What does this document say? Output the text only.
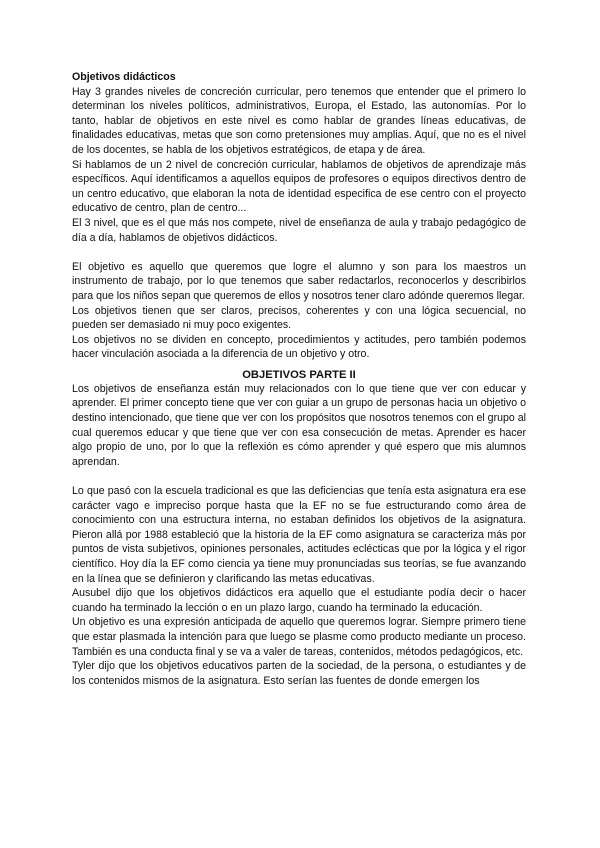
Objetivos didácticos

Hay 3 grandes niveles de concreción curricular, pero tenemos que entender que el primero lo determinan los niveles políticos, administrativos, Europa, el Estado, las autonomías. Por lo tanto, hablar de objetivos en este nivel es como hablar de grandes líneas educativas, de finalidades educativas, metas que son como pretensiones muy amplias. Aquí, que no es el nivel de los docentes, se habla de los objetivos estratégicos, de etapa y de área.

Si hablamos de un 2 nivel de concreción curricular, hablamos de objetivos de aprendizaje más específicos. Aquí identificamos a aquellos equipos de profesores o equipos directivos dentro de un centro educativo, que elaboran la nota de identidad especifica de ese centro con el proyecto educativo de centro, plan de centro...

El 3 nivel, que es el que más nos compete, nivel de enseñanza de aula y trabajo pedagógico de día a día, hablamos de objetivos didácticos.

El objetivo es aquello que queremos que logre el alumno y son para los maestros un instrumento de trabajo, por lo que tenemos que saber redactarlos, reconocerlos y describirlos para que los niños sepan que queremos de ellos y nosotros tener claro adónde queremos llegar.

Los objetivos tienen que ser claros, precisos, coherentes y con una lógica secuencial, no pueden ser demasiado ni muy poco exigentes.

Los objetivos no se dividen en concepto, procedimientos y actitudes, pero también podemos hacer vinculación asociada a la diferencia de un objetivo y otro.

OBJETIVOS PARTE II

Los objetivos de enseñanza están muy relacionados con lo que tiene que ver con educar y aprender. El primer concepto tiene que ver con guiar a un grupo de personas hacia un objetivo o destino intencionado, que tiene que ver con los propósitos que nosotros tenemos con el grupo al cual queremos educar y que tiene que ver con esa consecución de metas. Aprender es hacer algo propio de uno, por lo que la reflexión es cómo aprender y qué espero que mis alumnos aprendan.

Lo que pasó con la escuela tradicional es que las deficiencias que tenía esta asignatura era ese carácter vago e impreciso porque hasta que la EF no se fue estructurando como área de conocimiento con una estructura interna, no estaban definidos los objetivos de la asignatura. Pieron allá por 1988 estableció que la historia de la EF como asignatura se caracteriza más por puntos de vista subjetivos, opiniones personales, actitudes eclécticas que por la lógica y el rigor científico. Hoy día la EF como ciencia ya tiene muy pronunciadas sus teorías, se fue avanzando en la línea que se definieron y clarificando las metas educativas.

Ausubel dijo que los objetivos didácticos era aquello que el estudiante podía decir o hacer cuando ha terminado la lección o en un plazo largo, cuando ha terminado la educación.

Un objetivo es una expresión anticipada de aquello que queremos lograr. Siempre primero tiene que estar plasmada la intención para que luego se plasme como producto mediante un proceso. También es una conducta final y se va a valer de tareas, contenidos, métodos pedagógicos, etc.

Tyler dijo que los objetivos educativos parten de la sociedad, de la persona, o estudiantes y de los contenidos mismos de la asignatura. Esto serían las fuentes de donde emergen los
